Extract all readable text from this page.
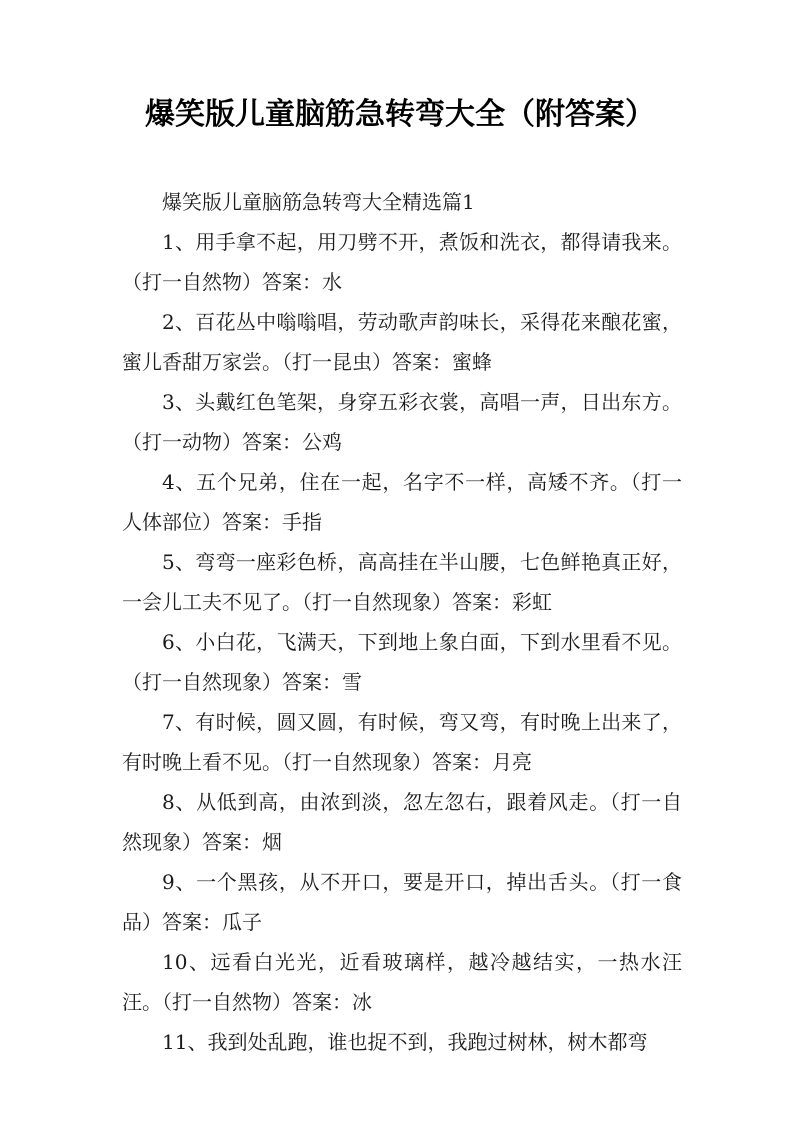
爆笑版儿童脑筋急转弯大全（附答案）

爆笑版儿童脑筋急转弯大全精选篇1

1、用手拿不起，用刀劈不开，煮饭和洗衣，都得请我来。（打一自然物）答案：水

2、百花丛中嗡嗡唱，劳动歌声韵味长，采得花来酿花蜜，蜜儿香甜万家尝。（打一昆虫）答案：蜜蜂

3、头戴红色笔架，身穿五彩衣裳，高唱一声，日出东方。（打一动物）答案：公鸡

4、五个兄弟，住在一起，名字不一样，高矮不齐。（打一人体部位）答案：手指

5、弯弯一座彩色桥，高高挂在半山腰，七色鲜艳真正好，一会儿工夫不见了。（打一自然现象）答案：彩虹

6、小白花，飞满天，下到地上象白面，下到水里看不见。（打一自然现象）答案：雪

7、有时候，圆又圆，有时候，弯又弯，有时晚上出来了，有时晚上看不见。（打一自然现象）答案：月亮

8、从低到高，由浓到淡，忽左忽右，跟着风走。（打一自然现象）答案：烟

9、一个黑孩，从不开口，要是开口，掉出舌头。（打一食品）答案：瓜子

10、远看白光光，近看玻璃样，越冷越结实，一热水汪汪。（打一自然物）答案：冰

11、我到处乱跑，谁也捉不到，我跑过树林，树木都弯
